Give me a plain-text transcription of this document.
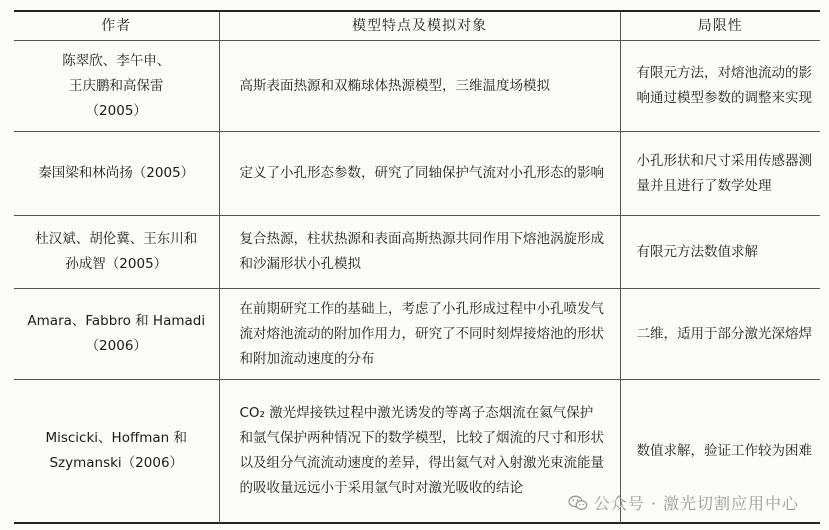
作者	模型特点及模拟对象	局限性
陈翠欣、李午申、
王庆鹏和高保雷
（2005）	高斯表面热源和双椭球体热源模型，三维温度场模拟	有限元方法，对熔池流动的影响通过模型参数的调整来实现
秦国梁和林尚扬（2005）	定义了小孔形态参数，研究了同轴保护气流对小孔形态的影响	小孔形状和尺寸采用传感器测量并且进行了数学处理
杜汉斌、胡伦冀、王东川和
孙成智（2005）	复合热源，柱状热源和表面高斯热源共同作用下熔池涡旋形成和沙漏形状小孔模拟	有限元方法数值求解
Amara、Fabbro 和 Hamadi
（2006）	在前期研究工作的基础上，考虑了小孔形成过程中小孔喷发气流对熔池流动的附加作用力，研究了不同时刻焊接熔池的形状和附加流动速度的分布	二维，适用于部分激光深熔焊
Miscicki、Hoffman 和
Szymanski（2006）	CO₂ 激光焊接铁过程中激光诱发的等离子态烟流在氦气保护和氩气保护两种情况下的数学模型，比较了烟流的尺寸和形状以及组分气流流动速度的差异，得出氦气对入射激光束流能量的吸收量远远小于采用氩气时对激光吸收的结论	数值求解，验证工作较为困难
公众号 · 激光切割应用中心
